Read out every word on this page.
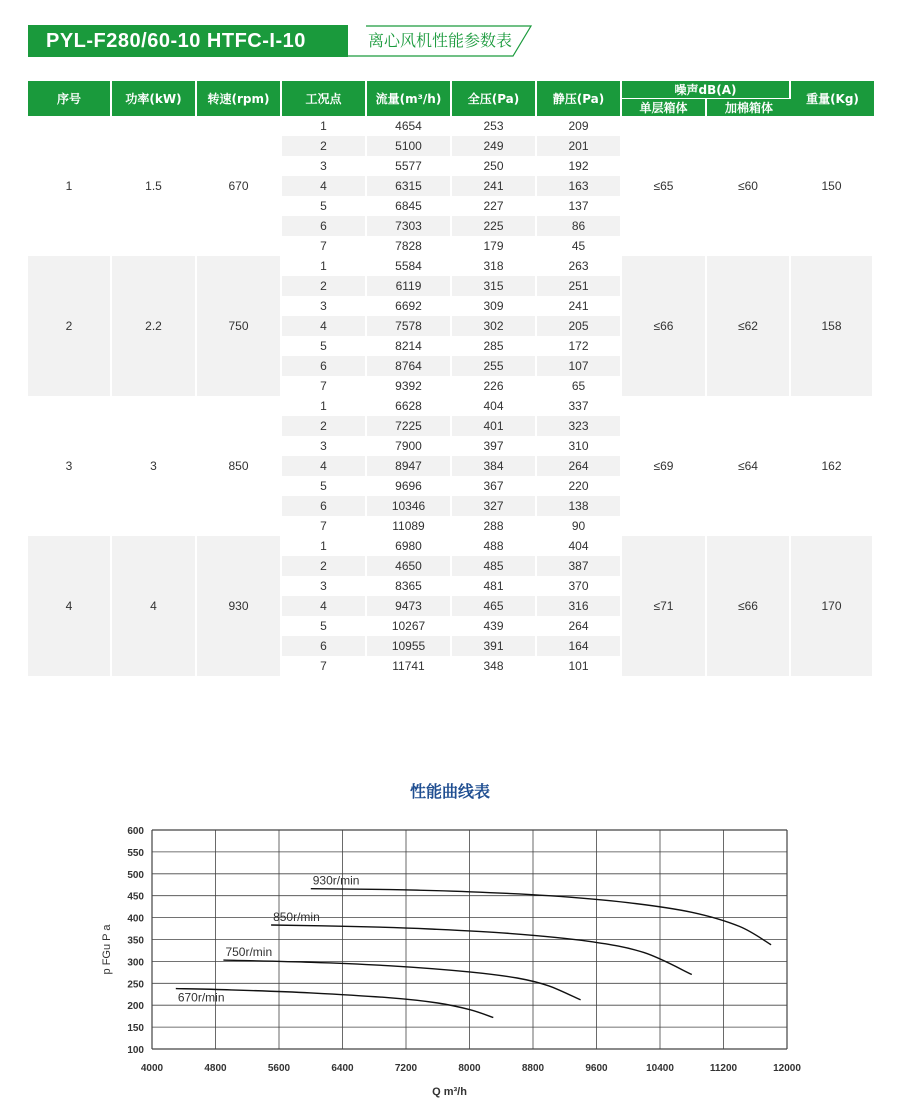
PYL-F280/60-10 HTFC-I-10	离心风机性能参数表
序号	功率(kW)	转速(rpm)	工况点	流量(m³/h)	全压(Pa)	静压(Pa)	噪声dB(A)		重量(Kg)
							单层箱体	加棉箱体	
1	1.5	670	1	4654	253	209	≤65	≤60	150
			2	5100	249	201			
			3	5577	250	192			
			4	6315	241	163			
			5	6845	227	137			
			6	7303	225	86			
			7	7828	179	45			
2	2.2	750	1	5584	318	263	≤66	≤62	158
			2	6119	315	251			
			3	6692	309	241			
			4	7578	302	205			
			5	8214	285	172			
			6	8764	255	107			
			7	9392	226	65			
3	3	850	1	6628	404	337	≤69	≤64	162
			2	7225	401	323			
			3	7900	397	310			
			4	8947	384	264			
			5	9696	367	220			
			6	10346	327	138			
			7	11089	288	90			
4	4	930	1	6980	488	404	≤71	≤66	170
			2	4650	485	387			
			3	8365	481	370			
			4	9473	465	316			
			5	10267	439	264			
			6	10955	391	164			
			7	11741	348	101			
性能曲线表
4000	4800	5600	6400	7200	8000	8800	9600	10400	11200	12000
100
150
200
250
300
350
400
450
500
550
600
Q m³/h
p FGu P a
670r/min
750r/min
850r/min
930r/min
